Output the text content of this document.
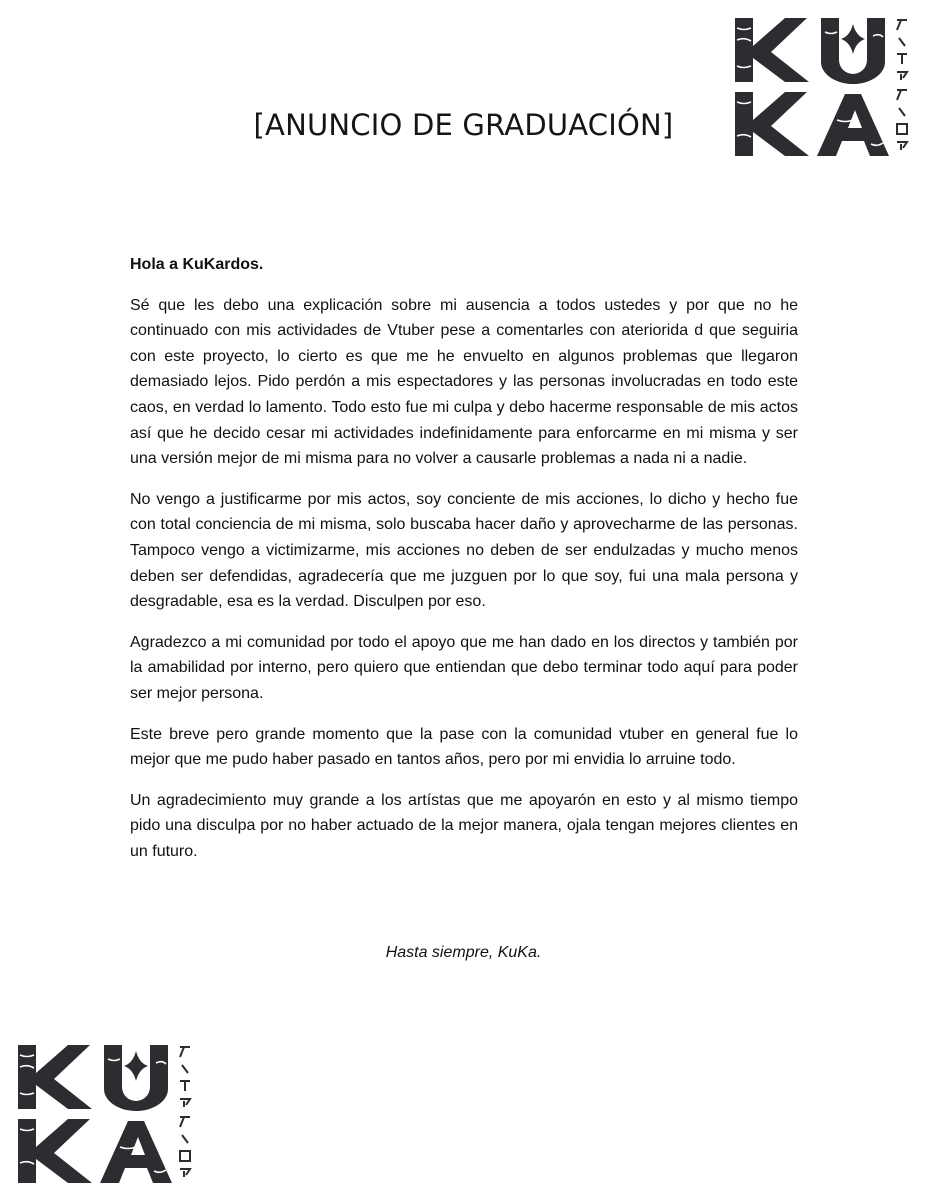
[ANUNCIO DE GRADUACIÓN]

Hola a KuKardos.

Sé que les debo una explicación sobre mi ausencia a todos ustedes y por que no he continuado con mis actividades de Vtuber pese a comentarles con ateriorida d que seguiria con este proyecto, lo cierto es que me he envuelto en algunos problemas que llegaron demasiado lejos. Pido perdón a mis espectadores y las personas involucradas en todo este caos, en verdad lo lamento. Todo esto fue mi culpa y debo hacerme responsable de mis actos así que he decido cesar mi actividades indefinidamente para enforcarme en mi misma y ser una versión mejor de mi misma para no volver a causarle problemas a nada ni a nadie.

No vengo a justificarme por mis actos, soy conciente de mis acciones, lo dicho y hecho fue con total conciencia de mi misma, solo buscaba hacer daño y aprovecharme de las personas. Tampoco vengo a victimizarme, mis acciones no deben de ser endulzadas y mucho menos deben ser defendidas, agradecería que me juzguen por lo que soy, fui una mala persona y desgradable, esa es la verdad. Disculpen por eso.

Agradezco a mi comunidad por todo el apoyo que me han dado en los directos y también por la amabilidad por interno, pero quiero que entiendan que debo terminar todo aquí para poder ser mejor persona.

Este breve pero grande momento que la pase con la comunidad vtuber en general fue lo mejor que me pudo haber pasado en tantos años, pero por mi envidia lo arruine todo.

Un agradecimiento muy grande a los artístas que me apoyarón en esto y al mismo tiempo pido una disculpa por no haber actuado de la mejor manera, ojala tengan mejores clientes en un futuro.

Hasta siempre, KuKa.
